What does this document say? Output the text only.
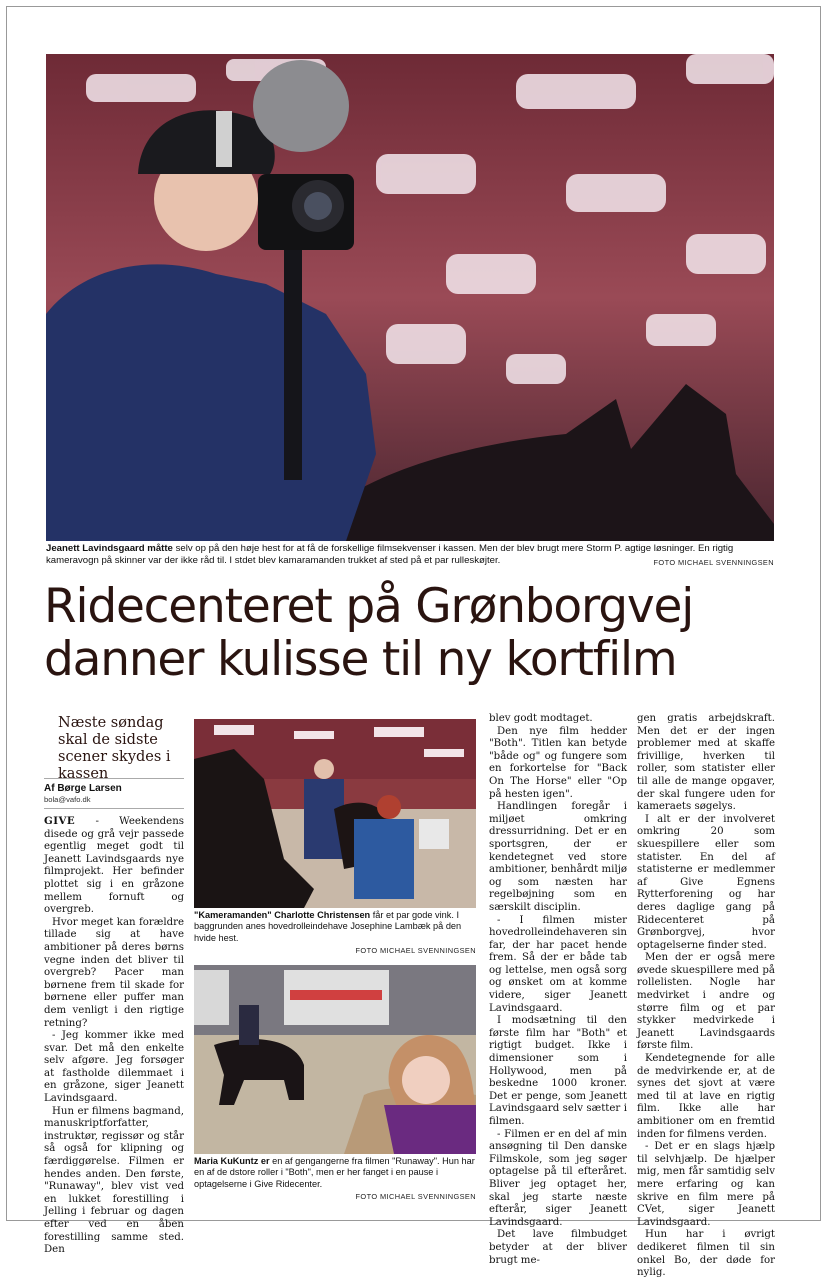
Jeanett Lavindsgaard måtte selv op på den høje hest for at få de forskellige filmsekvenser i kassen. Men der blev brugt mere Storm P. agtige løsninger. En rigtig kameravogn på skinner var der ikke råd til. I stdet blev kamaramanden trukket af sted på et par rulleskøjter.	FOTO MICHAEL SVENNINGSEN
Ridecenteret på Grønborgvej
danner kulisse til ny kortfilm
Næste søndag skal de sidste scener skydes i kassen
Af Børge Larsen
bola@vafo.dk

GIVE - Weekendens disede og grå vejr passede egentlig meget godt til Jeanett Lavindsgaards nye filmprojekt. Her befinder plottet sig i en gråzone mellem fornuft og overgreb.

Hvor meget kan forældre tillade sig at have ambitioner på deres børns vegne inden det bliver til overgreb? Pacer man børnene frem til skade for børnene eller puffer man dem venligt i den rigtige retning?

- Jeg kommer ikke med svar. Det må den enkelte selv afgøre. Jeg forsøger at fastholde dilemmaet i en gråzone, siger Jeanett Lavindsgaard.

Hun er filmens bagmand, manuskriptforfatter, instruktør, regissør og står så også for klipning og færdiggørelse. Filmen er hendes anden. Den første, "Runaway", blev vist ved en lukket forestilling i Jelling i februar og dagen efter ved en åben forestilling samme sted. Den

"Kameramanden" Charlotte Christensen får et par gode vink. I baggrunden anes hovedrolleindehave Josephine Lambæk på den hvide hest.
FOTO MICHAEL SVENNINGSEN
Maria KuKuntz er en af gengangerne fra filmen "Runaway". Hun har en af de dstore roller i "Both", men er her fanget i en pause i optagelserne i Give Ridecenter.
FOTO MICHAEL SVENNINGSEN

blev godt modtaget.

Den nye film hedder "Both". Titlen kan betyde "både og" og fungere som en forkortelse for "Back On The Horse" eller "Op på hesten igen".

Handlingen foregår i miljøet omkring dressurridning. Det er en sportsgren, der er kendetegnet ved store ambitioner, benhårdt miljø og som næsten har regelbøjning som en særskilt disciplin.

- I filmen mister hovedrolleindehaveren sin far, der har pacet hende frem. Så der er både tab og lettelse, men også sorg og ønsket om at komme videre, siger Jeanett Lavindsgaard.

I modsætning til den første film har "Both" et rigtigt budget. Ikke i dimensioner som i Hollywood, men på beskedne 1000 kroner. Det er penge, som Jeanett Lavindsgaard selv sætter i filmen.

- Filmen er en del af min ansøgning til Den danske Filmskole, som jeg søger optagelse på til efteråret. Bliver jeg optaget her, skal jeg starte næste efterår, siger Jeanett Lavindsgaard.

Det lave filmbudget betyder at der bliver brugt me-

gen gratis arbejdskraft. Men det er der ingen problemer med at skaffe frivillige, hverken til roller, som statister eller til alle de mange opgaver, der skal fungere uden for kameraets søgelys.

I alt er der involveret omkring 20 som skuespillere eller som statister. En del af statisterne er medlemmer af Give Egnens Rytterforening og har deres daglige gang på Ridecenteret på Grønborgvej, hvor optagelserne finder sted.

Men der er også mere øvede skuespillere med på rollelisten. Nogle har medvirket i andre og større film og et par stykker medvirkede i Jeanett Lavindsgaards første film.

Kendetegnende for alle de medvirkende er, at de synes det sjovt at være med til at lave en rigtig film. Ikke alle har ambitioner om en fremtid inden for filmens verden.

- Det er en slags hjælp til selvhjælp. De hjælper mig, men får samtidig selv mere erfaring og kan skrive en film mere på CVet, siger Jeanett Lavindsgaard.

Hun har i øvrigt dedikeret filmen til sin onkel Bo, der døde for nylig.
